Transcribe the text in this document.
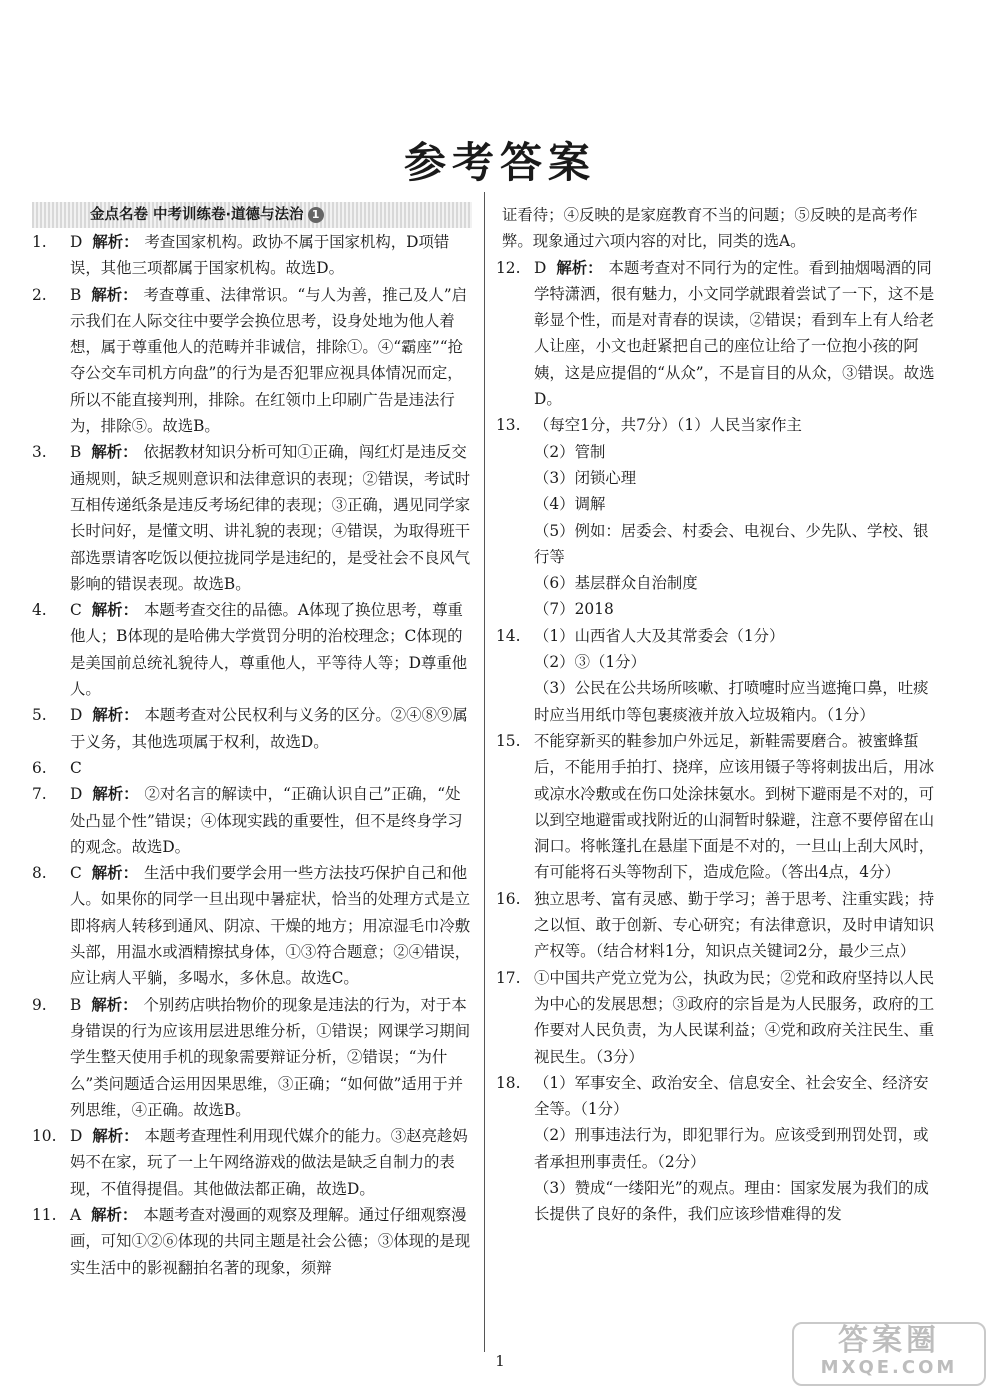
参考答案
金点名卷 中考训练卷·道德与法治 1
1.	D 解析： 考查国家机构。政协不属于国家机构，D项错误，其他三项都属于国家机构。故选D。
2.	B 解析： 考查尊重、法律常识。“与人为善，推己及人”启示我们在人际交往中要学会换位思考，设身处地为他人着想，属于尊重他人的范畴并非诚信，排除①。④“霸座”“抢夺公交车司机方向盘”的行为是否犯罪应视具体情况而定，所以不能直接判刑，排除。在红领巾上印刷广告是违法行为，排除⑤。故选B。
3.	B 解析： 依据教材知识分析可知①正确，闯红灯是违反交通规则，缺乏规则意识和法律意识的表现；②错误，考试时互相传递纸条是违反考场纪律的表现；③正确，遇见同学家长时问好，是懂文明、讲礼貌的表现；④错误，为取得班干部选票请客吃饭以便拉拢同学是违纪的，是受社会不良风气影响的错误表现。故选B。
4.	C 解析： 本题考查交往的品德。A体现了换位思考，尊重他人；B体现的是哈佛大学赏罚分明的治校理念；C体现的是美国前总统礼貌待人，尊重他人，平等待人等；D尊重他人。
5.	D 解析： 本题考查对公民权利与义务的区分。②④⑧⑨属于义务，其他选项属于权利，故选D。
6.	C
7.	D 解析： ②对名言的解读中，“正确认识自己”正确，“处处凸显个性”错误；④体现实践的重要性，但不是终身学习的观念。故选D。
8.	C 解析： 生活中我们要学会用一些方法技巧保护自己和他人。如果你的同学一旦出现中暑症状，恰当的处理方式是立即将病人转移到通风、阴凉、干燥的地方；用凉湿毛巾冷敷头部，用温水或酒精擦拭身体，①③符合题意；②④错误，应让病人平躺，多喝水，多休息。故选C。
9.	B 解析： 个别药店哄抬物价的现象是违法的行为，对于本身错误的行为应该用层进思维分析，①错误；网课学习期间学生整天使用手机的现象需要辩证分析，②错误；“为什么”类问题适合运用因果思维，③正确；“如何做”适用于并列思维，④正确。故选B。
10. D 解析： 本题考查理性利用现代媒介的能力。③赵亮趁妈妈不在家，玩了一上午网络游戏的做法是缺乏自制力的表现，不值得提倡。其他做法都正确，故选D。
11. A 解析： 本题考查对漫画的观察及理解。通过仔细观察漫画，可知①②⑥体现的共同主题是社会公德；③体现的是现实生活中的影视翻拍名著的现象，须辩
证看待；④反映的是家庭教育不当的问题；⑤反映的是高考作弊。现象通过六项内容的对比，同类的选A。
12. D 解析： 本题考查对不同行为的定性。看到抽烟喝酒的同学特潇洒，很有魅力，小文同学就跟着尝试了一下，这不是彰显个性，而是对青春的误读，②错误；看到车上有人给老人让座，小文也赶紧把自己的座位让给了一位抱小孩的阿姨，这是应提倡的“从众”，不是盲目的从众，③错误。故选D。
13. （每空1分，共7分）（1）人民当家作主
（2）管制
（3）闭锁心理
（4）调解
（5）例如：居委会、村委会、电视台、少先队、学校、银行等
（6）基层群众自治制度
（7）2018
14. （1）山西省人大及其常委会（1分）
（2）③（1分）
（3）公民在公共场所咳嗽、打喷嚏时应当遮掩口鼻，吐痰时应当用纸巾等包裹痰液并放入垃圾箱内。（1分）
15. 不能穿新买的鞋参加户外远足，新鞋需要磨合。被蜜蜂蜇后，不能用手拍打、挠痒，应该用镊子等将刺拔出后，用冰或凉水冷敷或在伤口处涂抹氨水。到树下避雨是不对的，可以到空地避雷或找附近的山洞暂时躲避，注意不要停留在山洞口。将帐篷扎在悬崖下面是不对的，一旦山上刮大风时，有可能将石头等物刮下，造成危险。（答出4点，4分）
16. 独立思考、富有灵感、勤于学习；善于思考、注重实践；持之以恒、敢于创新、专心研究；有法律意识，及时申请知识产权等。（结合材料1分，知识点关键词2分，最少三点）
17. ①中国共产党立党为公，执政为民；②党和政府坚持以人民为中心的发展思想；③政府的宗旨是为人民服务，政府的工作要对人民负责，为人民谋利益；④党和政府关注民生、重视民生。（3分）
18. （1）军事安全、政治安全、信息安全、社会安全、经济安全等。（1分）
（2）刑事违法行为，即犯罪行为。应该受到刑罚处罚，或者承担刑事责任。（2分）
（3）赞成“一缕阳光”的观点。理由：国家发展为我们的成长提供了良好的条件，我们应该珍惜难得的发
1
答案圈
MXQE.COM
